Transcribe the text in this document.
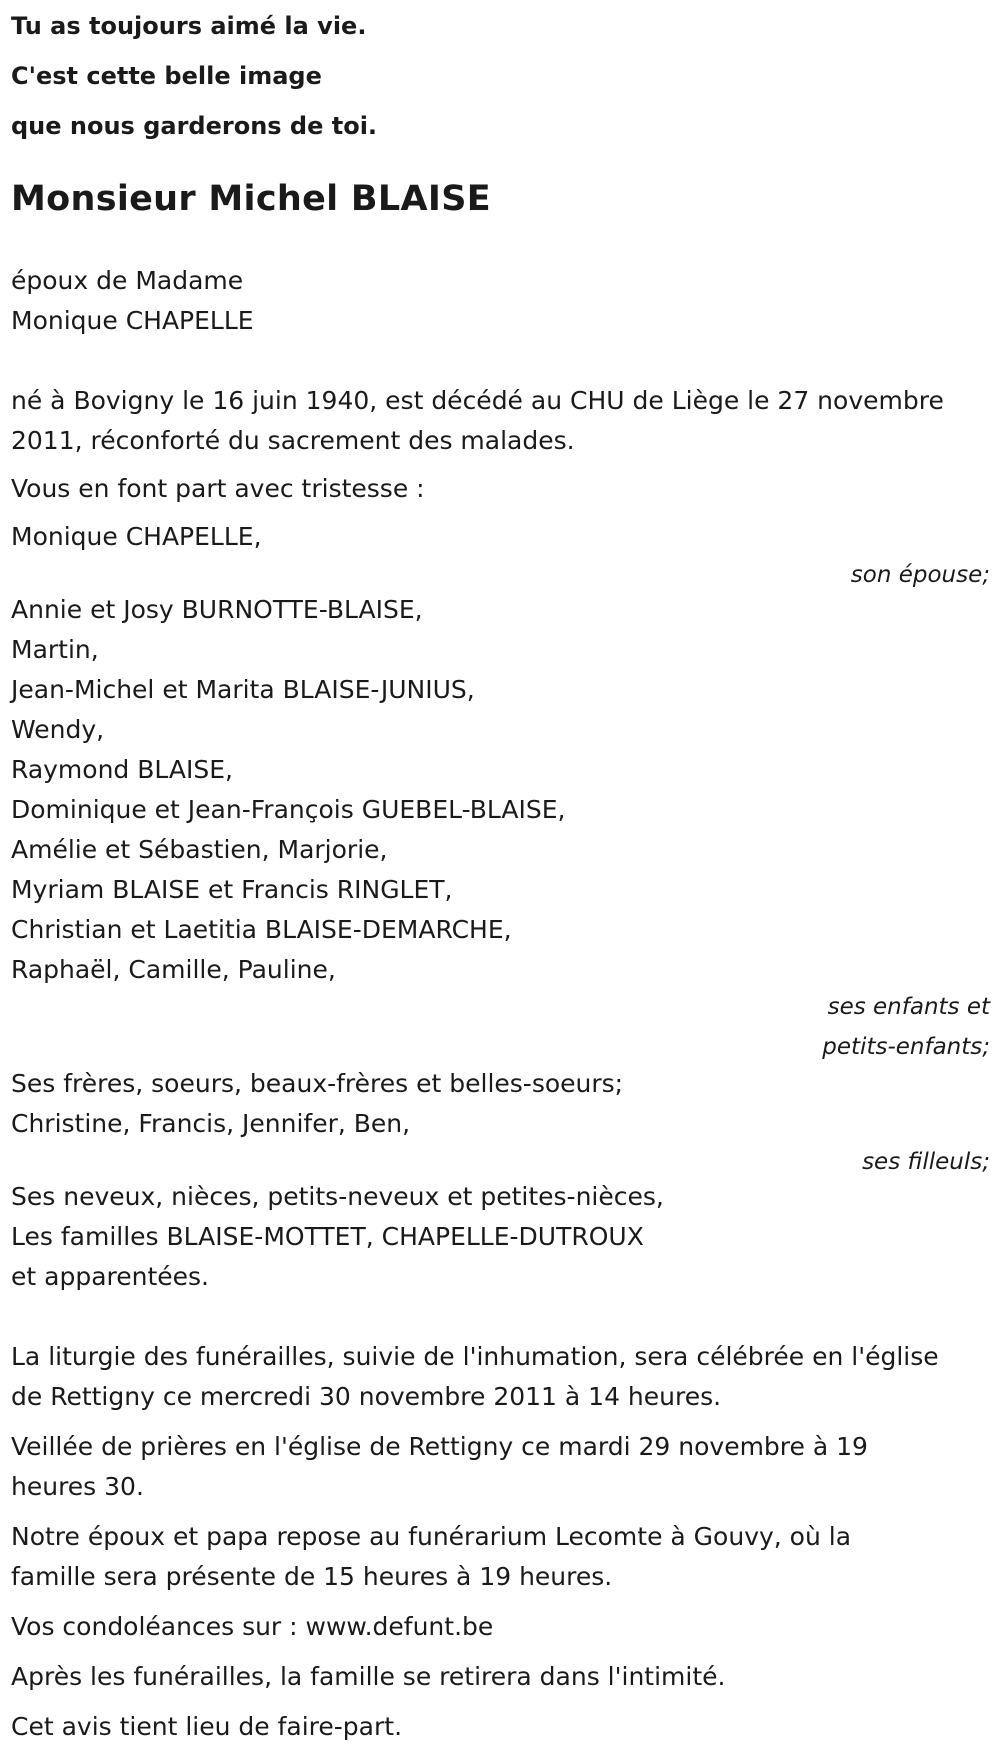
Tu as toujours aimé la vie.
C'est cette belle image
que nous garderons de toi.
Monsieur Michel BLAISE
époux de Madame
Monique CHAPELLE
né à Bovigny le 16 juin 1940, est décédé au CHU de Liège le 27 novembre
2011, réconforté du sacrement des malades.
Vous en font part avec tristesse :
Monique CHAPELLE,
son épouse;
Annie et Josy BURNOTTE-BLAISE,
Martin,
Jean-Michel et Marita BLAISE-JUNIUS,
Wendy,
Raymond BLAISE,
Dominique et Jean-François GUEBEL-BLAISE,
Amélie et Sébastien, Marjorie,
Myriam BLAISE et Francis RINGLET,
Christian et Laetitia BLAISE-DEMARCHE,
Raphaël, Camille, Pauline,
ses enfants et
petits-enfants;
Ses frères, soeurs, beaux-frères et belles-soeurs;
Christine, Francis, Jennifer, Ben,
ses filleuls;
Ses neveux, nièces, petits-neveux et petites-nièces,
Les familles BLAISE-MOTTET, CHAPELLE-DUTROUX
et apparentées.
La liturgie des funérailles, suivie de l'inhumation, sera célébrée en l'église
de Rettigny ce mercredi 30 novembre 2011 à 14 heures.
Veillée de prières en l'église de Rettigny ce mardi 29 novembre à 19
heures 30.
Notre époux et papa repose au funérarium Lecomte à Gouvy, où la
famille sera présente de 15 heures à 19 heures.
Vos condoléances sur : www.defunt.be
Après les funérailles, la famille se retirera dans l'intimité.
Cet avis tient lieu de faire-part.
